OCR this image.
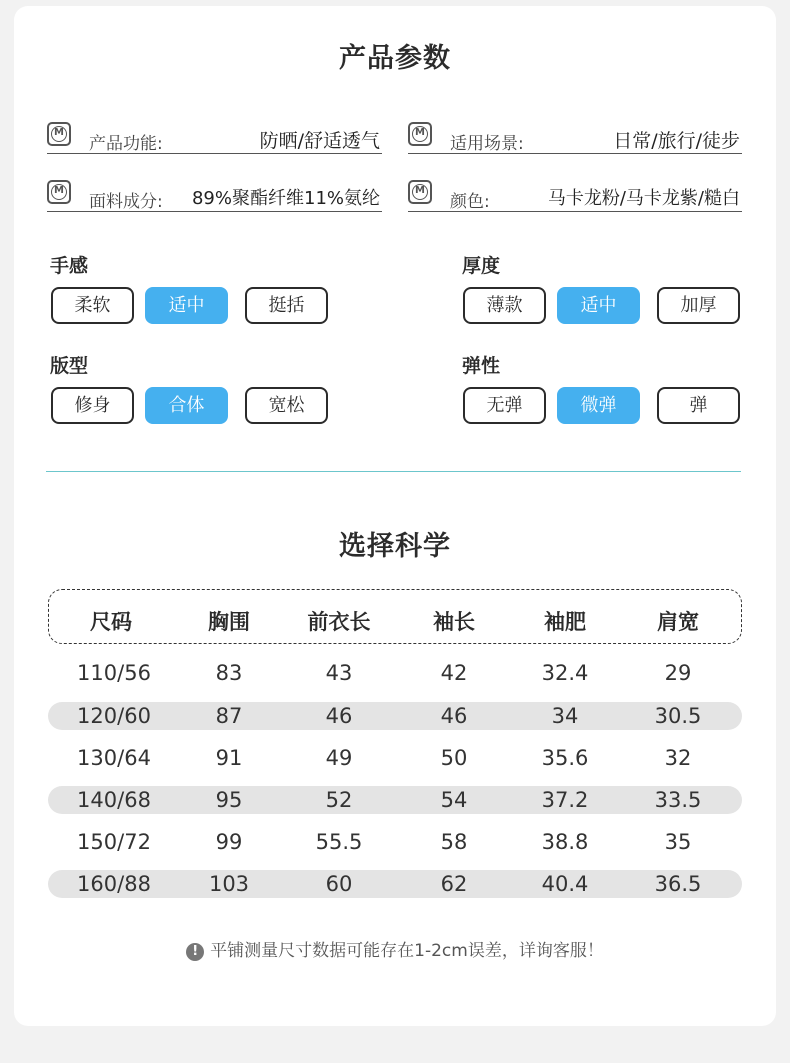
产品参数
M
产品功能:	防晒/舒适透气	M
适用场景:	日常/旅行/徒步
M
面料成分: 89%聚酯纤维11%氨纶	M
颜色:	马卡龙粉/马卡龙紫/糙白
手感
柔软	适中	挺括
厚度
薄款	适中	加厚
版型
修身	合体	宽松
弹性
无弹	微弹	弹
选择科学
尺码	胸围	前衣长	袖长	袖肥	肩宽
110/56	83	43	42	32.4	29
120/60	87	46	46	34	30.5
130/64	91	49	50	35.6	32
140/68	95	52	54	37.2	33.5
150/72	99	55.5	58	38.8	35
160/88	103	60	62	40.4	36.5
! 平铺测量尺寸数据可能存在1-2cm误差，详询客服！
